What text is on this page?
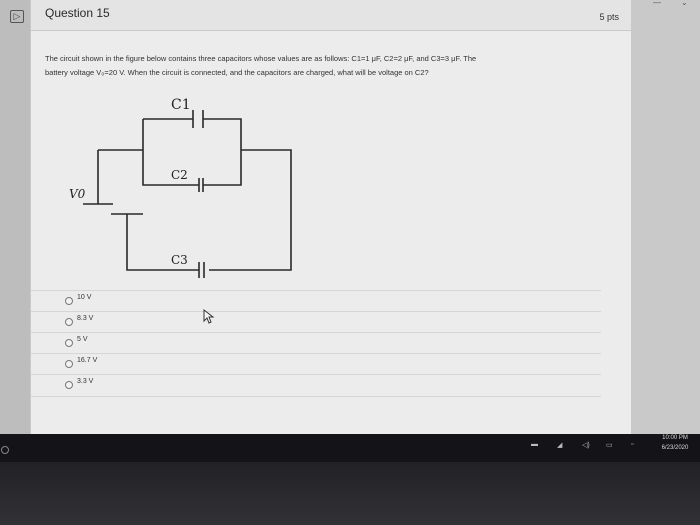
▷ Question 15	5 pts
The circuit shown in the figure below contains three capacitors whose values are as follows: C1=1 μF, C2=2 μF, and C3=3 μF. The
battery voltage V₀=20 V. When the circuit is connected, and the capacitors are charged, what will be voltage on C2?
C1
C2
C3
V0
10 V
8.3 V
5 V
16.7 V
3.3 V
—	⌄
▬	◢	◁) ▭	▫
10:00 PM
6/23/2020
